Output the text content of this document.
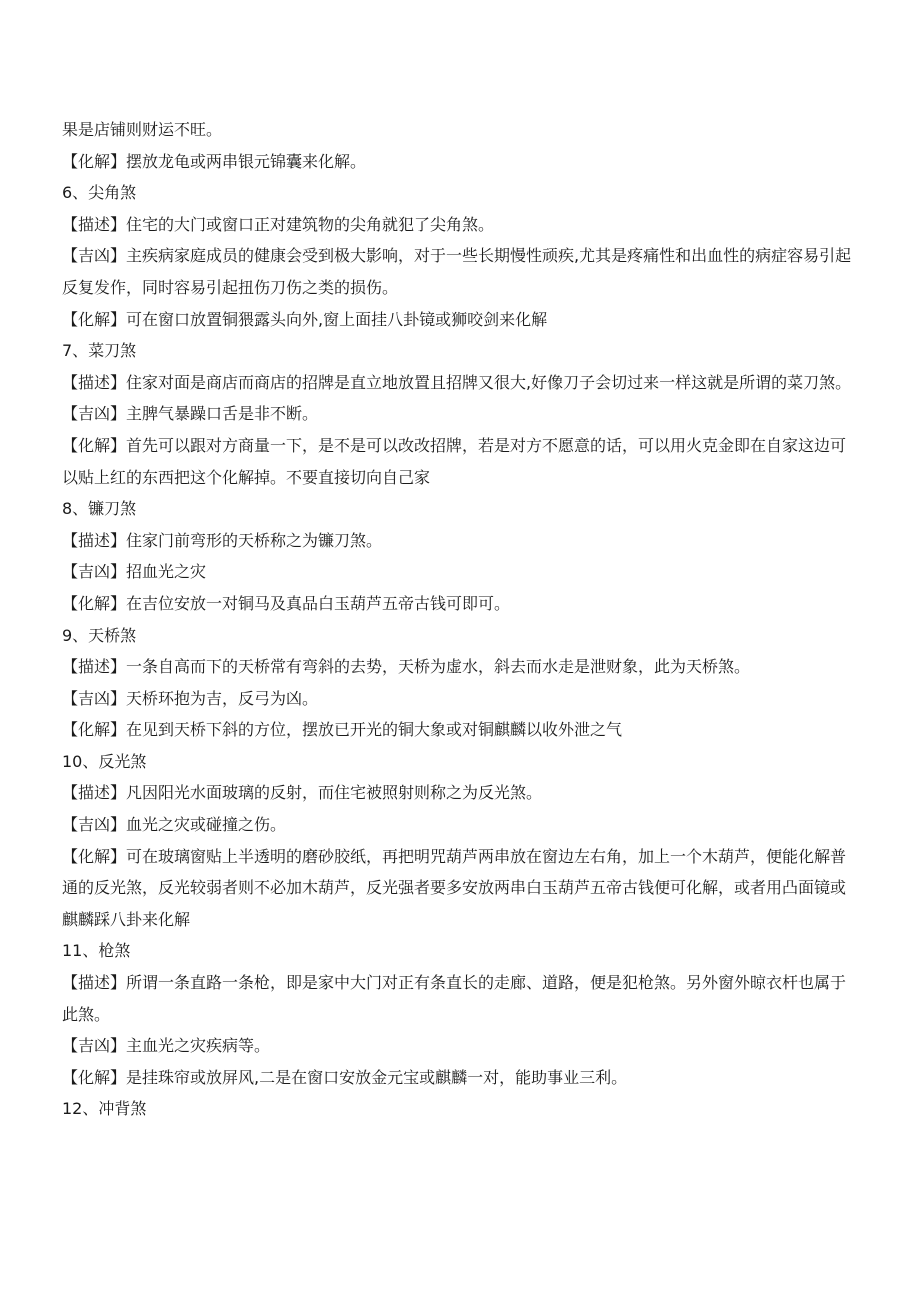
果是店铺则财运不旺。

【化解】摆放龙龟或两串银元锦囊来化解。

6、尖角煞

【描述】住宅的大门或窗口正对建筑物的尖角就犯了尖角煞。

【吉凶】主疾病家庭成员的健康会受到极大影响，对于一些长期慢性顽疾,尤其是疼痛性和出血性的病症容易引起反复发作，同时容易引起扭伤刀伤之类的损伤。

【化解】可在窗口放置铜猥露头向外,窗上面挂八卦镜或狮咬剑来化解

7、菜刀煞

【描述】住家对面是商店而商店的招牌是直立地放置且招牌又很大,好像刀子会切过来一样这就是所谓的菜刀煞。

【吉凶】主脾气暴躁口舌是非不断。

【化解】首先可以跟对方商量一下，是不是可以改改招牌，若是对方不愿意的话，可以用火克金即在自家这边可以贴上红的东西把这个化解掉。不要直接切向自己家

8、镰刀煞

【描述】住家门前弯形的天桥称之为镰刀煞。

【吉凶】招血光之灾

【化解】在吉位安放一对铜马及真品白玉葫芦五帝古钱可即可。

9、天桥煞

【描述】一条自高而下的天桥常有弯斜的去势，天桥为虚水，斜去而水走是泄财象，此为天桥煞。

【吉凶】天桥环抱为吉，反弓为凶。

【化解】在见到天桥下斜的方位，摆放已开光的铜大象或对铜麒麟以收外泄之气

10、反光煞

【描述】凡因阳光水面玻璃的反射，而住宅被照射则称之为反光煞。

【吉凶】血光之灾或碰撞之伤。

【化解】可在玻璃窗贴上半透明的磨砂胶纸，再把明咒葫芦两串放在窗边左右角，加上一个木葫芦，便能化解普通的反光煞，反光较弱者则不必加木葫芦，反光强者要多安放两串白玉葫芦五帝古钱便可化解，或者用凸面镜或麒麟踩八卦来化解

11、枪煞

【描述】所谓一条直路一条枪，即是家中大门对正有条直长的走廊、道路，便是犯枪煞。另外窗外晾衣杆也属于此煞。

【吉凶】主血光之灾疾病等。

【化解】是挂珠帘或放屏风,二是在窗口安放金元宝或麒麟一对，能助事业三利。

12、冲背煞
